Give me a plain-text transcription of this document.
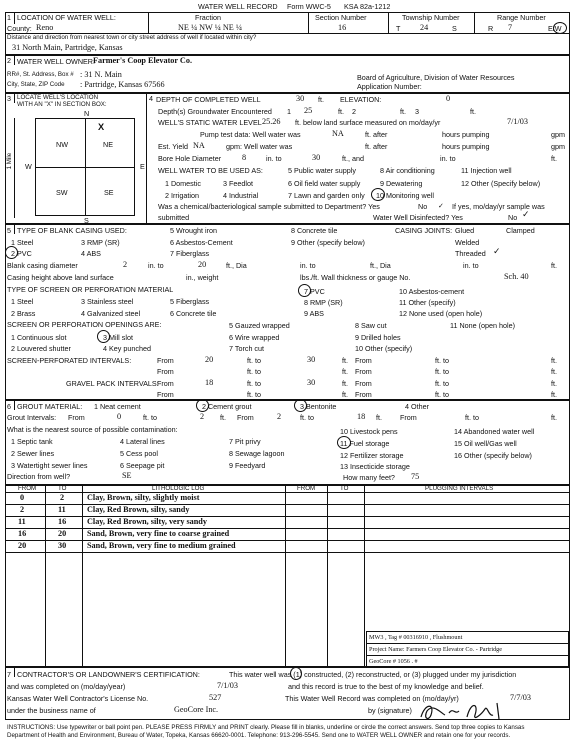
WATER WELL RECORD Form WWC-5 KSA 82a-1212
1 LOCATION OF WATER WELL:
County: Reno
Fraction
NE ¼ NW ¼ NE ¼
Section Number
16
Township Number
T 24	S
Range Number
R 7	E/W
Distance and direction from nearest town or city street address of well if located within city?
31 North Main, Partridge, Kansas
2 WATER WELL OWNER:
Farmer's Coop Elevator Co.
RR#, St. Address, Box # : 31 N. Main
City, State, ZIP Code : Partridge, Kansas 67566
Board of Agriculture, Division of Water Resources
Application Number:
3 LOCATE WELL'S LOCATION
WITH AN "X" IN SECTION BOX:
N
S
W	E
1 Mile
NW	NE
SW	SE
X
4 DEPTH OF COMPLETED WELL	30 ft. ELEVATION:	0
Depth(s) Groundwater Encountered 1 25	ft. 2	ft. 3	ft.
WELL'S STATIC WATER LEVEL 25.26 ft. below land surface measured on mo/day/yr	7/1/03
Pump test data: Well water was	NA	ft. after	hours pumping	gpm
Est. Yield NA	gpm: Well water was	ft. after	hours pumping	gpm
Bore Hole Diameter	8	in. to	30	ft., and	in. to	ft.
WELL WATER TO BE USED AS:	5 Public water supply	8 Air conditioning	11 Injection well
1 Domestic	3 Feedlot	6 Oil field water supply	9 Dewatering	12 Other (Specify below)
2 Irrigation	4 Industrial	7 Lawn and garden only 10 Monitoring well
Was a chemical/bacteriological sample submitted to Department? Yes	No ✓ If yes, mo/day/yr sample was
submitted	Water Well Disinfected? Yes	No ✓
5 TYPE OF BLANK CASING USED:
1 Steel	3 RMP (SR)
4 ABS
2 PVC
5 Wrought iron
6 Asbestos-Cement
7 Fiberglass
8 Concrete tile
9 Other (specify below)
CASING JOINTS: Glued	Clamped
Welded
Threaded ✓
Blank casing diameter	2	in. to	20	ft., Dia	in. to	ft., Dia	in. to	ft.
Casing height above land surface	in., weight	lbs./ft. Wall thickness or gauge No.	Sch. 40
TYPE OF SCREEN OR PERFORATION MATERIAL
1 Steel	3 Stainless steel	5 Fiberglass
7 PVC	10 Asbestos-cement
2 Brass	4 Galvanized steel	6 Concrete tile
8 RMP (SR)	11 Other (specify)
9 ABS	12 None used (open hole)
SCREEN OR PERFORATION OPENINGS ARE:	5 Gauzed wrapped	8 Saw cut	11 None (open hole)
1 Continuous slot	3 Mill slot	6 Wire wrapped	9 Drilled holes
2 Louvered shutter	4 Key punched	7 Torch cut	10 Other (specify)
SCREEN-PERFORATED INTERVALS:	From	20	ft. to	30	ft. From	ft. to	ft.
From	ft. to	ft. From	ft. to	ft.
GRAVEL PACK INTERVALS:
From	18	ft. to	30	ft. From	ft. to	ft.
From	ft. to	ft. From	ft. to	ft.
6 GROUT MATERIAL: 1 Neat cement	2 Cement grout	3 Bentonite	4 Other
Grout Intervals: From	0	ft. to	2 ft. From	2	ft. to	18 ft.	From	ft. to	ft.
What is the nearest source of possible contamination:
1 Septic tank	4 Lateral lines	7 Pit privy
10 Livestock pens	14 Abandoned water well
2 Sewer lines	5 Cess pool	8 Sewage lagoon
11 Fuel storage	15 Oil well/Gas well
3 Watertight sewer lines	6 Seepage pit	9 Feedyard
12 Fertilizer storage	16 Other (specify below)
13 Insecticide storage
Direction from well?	SE	How many feet? 75
FROM	TO	LITHOLOGIC LOG	FROM	TO	PLUGGING INTERVALS
0	2	Clay, Brown, silty, slightly moist
2	11	Clay, Red Brown, silty, sandy
11	16	Clay, Red Brown, silty, very sandy
16	20	Sand, Brown, very fine to coarse grained
20	30	Sand, Brown, very fine to medium grained
MW3 , Tag # 00316910 , Flushmount
Project Name: Farmers Coop Elevator Co. - Partridge
GeoCore # 1056 . #
7 CONTRACTOR'S OR LANDOWNER'S CERTIFICATION:	This water well was (1) constructed, (2) reconstructed, or (3) plugged under my jurisdiction
and was completed on (mo/day/year)	7/1/03	and this record is true to the best of my knowledge and belief.
Kansas Water Well Contractor's License No.	527	This Water Well Record was completed on (mo/day/yr)	7/7/03
under the business name of	GeoCore Inc.	by (signature)
INSTRUCTIONS: Use typewriter or ball point pen. PLEASE PRESS FIRMLY and PRINT clearly. Please fill in blanks, underline or circle the correct answers. Send top three copies to Kansas
Department of Health and Environment, Bureau of Water, Topeka, Kansas 66620-0001. Telephone: 913-296-5545. Send one to WATER WELL OWNER and retain one for your records.
